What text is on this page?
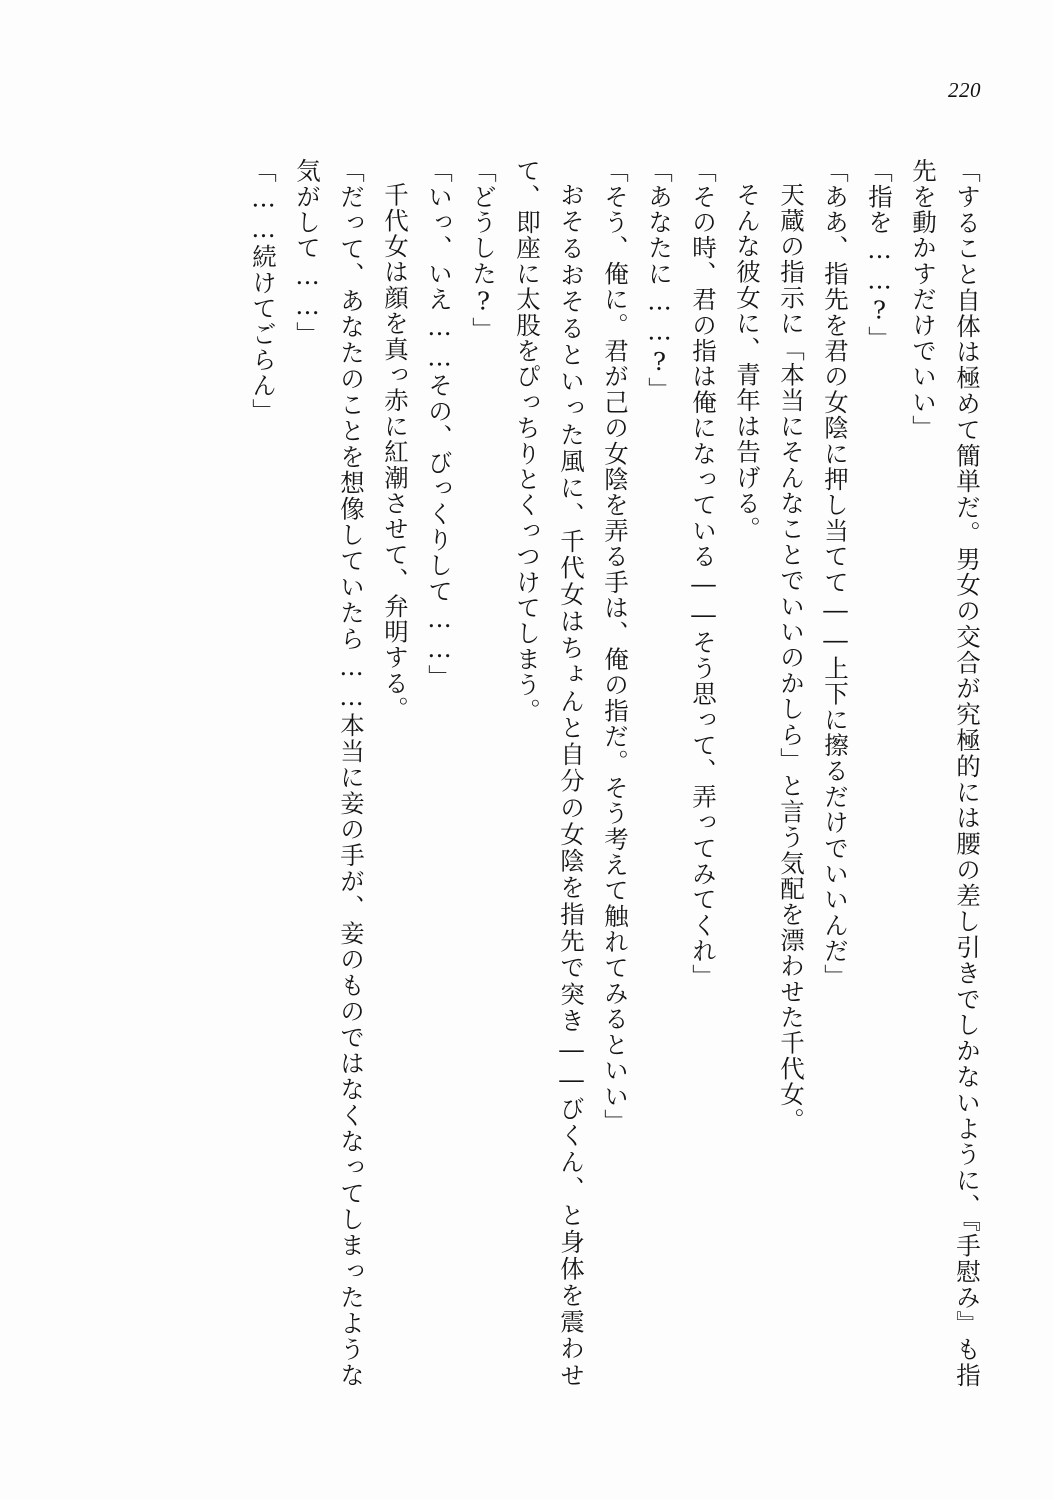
220
「すること自体は極めて簡単だ。男女の交合が究極的には腰の差し引きでしかないように、『手慰み』も指先を動かすだけでいい」
「指を……?」
「ああ、指先を君の女陰に押し当てて――上下に擦るだけでいいんだ」
天蔵の指示に「本当にそんなことでいいのかしら」と言う気配を漂わせた千代女。
そんな彼女に、青年は告げる。
「その時、君の指は俺になっている――そう思って、弄ってみてくれ」
「あなたに……?」
「そう、俺に。君が己の女陰を弄る手は、俺の指だ。そう考えて触れてみるといい」
おそるおそるといった風に、千代女はちょんと自分の女陰を指先で突き――びくん、と身体を震わせて、即座に太股をぴっちりとくっつけてしまう。
「どうした?」
「いっ、いえ……その、びっくりして……」
千代女は顔を真っ赤に紅潮させて、弁明する。
「だって、あなたのことを想像していたら……本当に妾の手が、妾のものではなくなってしまったような気がして……」
「……続けてごらん」
